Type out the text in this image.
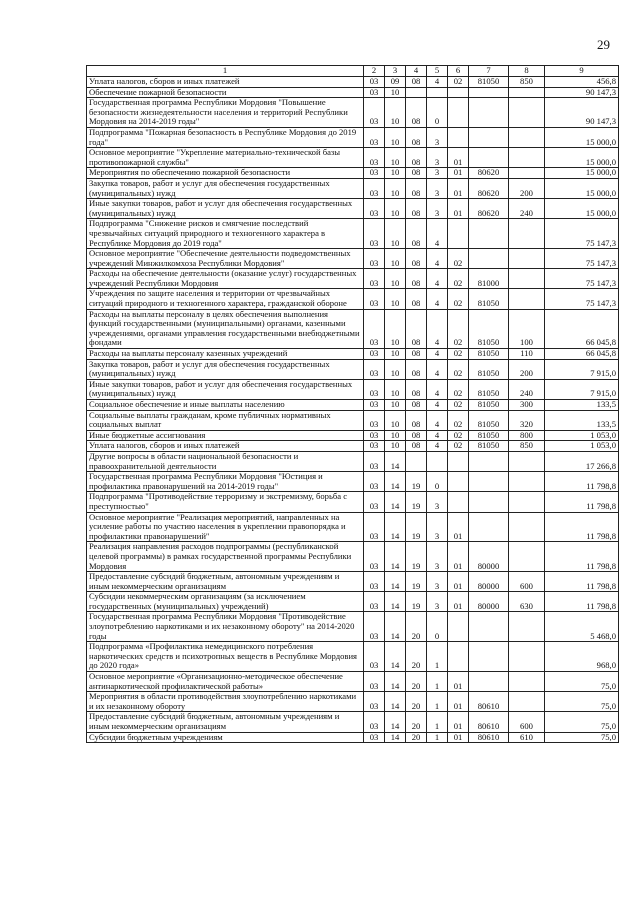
29
1	2	3	4	5	6	7	8	9
Уплата налогов, сборов и иных платежей	03	09	08	4	02	81050	850	456,8
Обеспечение пожарной безопасности	03	10						90 147,3
Государственная программа Республики Мордовия "Повышение безопасности жизнедеятельности населения и территорий Республики Мордовия на 2014-2019 годы"	03	10	08	0				90 147,3
Подпрограмма "Пожарная безопасность в Республике Мордовия до 2019 года"	03	10	08	3				15 000,0
Основное мероприятие "Укрепление материально-технической базы противопожарной службы"	03	10	08	3	01			15 000,0
Мероприятия по обеспечению пожарной безопасности	03	10	08	3	01	80620		15 000,0
Закупка товаров, работ и услуг для обеспечения государственных (муниципальных) нужд	03	10	08	3	01	80620	200	15 000,0
Иные закупки товаров, работ и услуг для обеспечения государственных (муниципальных) нужд	03	10	08	3	01	80620	240	15 000,0
Подпрограмма "Снижение рисков и смягчение последствий чрезвычайных ситуаций природного и техногенного характера в Республике Мордовия до 2019 года"	03	10	08	4				75 147,3
Основное мероприятие "Обеспечение деятельности подведомственных учреждений Минжилкомхоза Республики Мордовия"	03	10	08	4	02			75 147,3
Расходы на обеспечение деятельности (оказание услуг) государственных учреждений Республики Мордовия	03	10	08	4	02	81000		75 147,3
Учреждения по защите населения и территории от чрезвычайных ситуаций природного и техногенного характера, гражданской обороне	03	10	08	4	02	81050		75 147,3
Расходы на выплаты персоналу в целях обеспечения выполнения функций государственными (муниципальными) органами, казенными учреждениями, органами управления государственными внебюджетными фондами	03	10	08	4	02	81050	100	66 045,8
Расходы на выплаты персоналу казенных учреждений	03	10	08	4	02	81050	110	66 045,8
Закупка товаров, работ и услуг для обеспечения государственных (муниципальных) нужд	03	10	08	4	02	81050	200	7 915,0
Иные закупки товаров, работ и услуг для обеспечения государственных (муниципальных) нужд	03	10	08	4	02	81050	240	7 915,0
Социальное обеспечение и иные выплаты населению	03	10	08	4	02	81050	300	133,5
Социальные выплаты гражданам, кроме публичных нормативных социальных выплат	03	10	08	4	02	81050	320	133,5
Иные бюджетные ассигнования	03	10	08	4	02	81050	800	1 053,0
Уплата налогов, сборов и иных платежей	03	10	08	4	02	81050	850	1 053,0
Другие вопросы в области национальной безопасности и правоохранительной деятельности	03	14						17 266,8
Государственная программа Республики Мордовия "Юстиция и профилактика правонарушений на 2014-2019 годы"	03	14	19	0				11 798,8
Подпрограмма "Противодействие терроризму и экстремизму, борьба с преступностью"	03	14	19	3				11 798,8
Основное мероприятие "Реализация мероприятий, направленных на усиление работы по участию населения в укреплении правопорядка и профилактики правонарушений"	03	14	19	3	01			11 798,8
Реализация направления расходов подпрограммы (республиканской целевой программы) в рамках государственной программы Республики Мордовия	03	14	19	3	01	80000		11 798,8
Предоставление субсидий бюджетным, автономным учреждениям и иным некоммерческим организациям	03	14	19	3	01	80000	600	11 798,8
Субсидии некоммерческим организациям (за исключением государственных (муниципальных) учреждений)	03	14	19	3	01	80000	630	11 798,8
Государственная программа Республики Мордовия "Противодействие злоупотреблению наркотиками и их незаконному обороту" на 2014-2020 годы	03	14	20	0				5 468,0
Подпрограмма «Профилактика немедицинского потребления наркотических средств и психотропных веществ в Республике Мордовия до 2020 года»	03	14	20	1				968,0
Основное мероприятие «Организационно-методическое обеспечение антинаркотической профилактической работы»	03	14	20	1	01			75,0
Мероприятия в области противодействия злоупотреблению наркотиками и их незаконному обороту	03	14	20	1	01	80610		75,0
Предоставление субсидий бюджетным, автономным учреждениям и иным некоммерческим организациям	03	14	20	1	01	80610	600	75,0
Субсидии бюджетным учреждениям	03	14	20	1	01	80610	610	75,0
